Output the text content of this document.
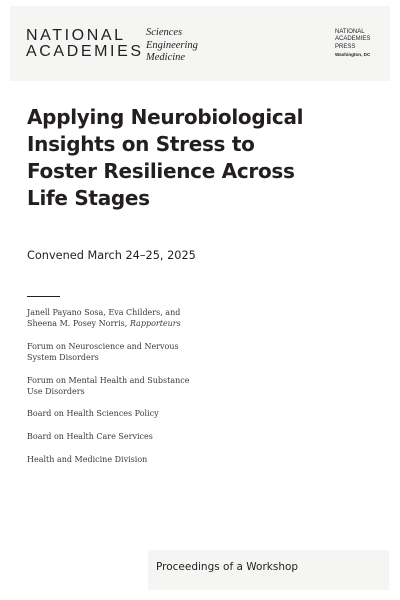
NATIONAL
ACADEMIES
Sciences
Engineering
Medicine
NATIONAL
ACADEMIES
PRESS
Washington, DC
Applying Neurobiological
Insights on Stress to
Foster Resilience Across
Life Stages
Convened March 24–25, 2025
Janell Payano Sosa, Eva Childers, and
Sheena M. Posey Norris, Rapporteurs
Forum on Neuroscience and Nervous
System Disorders
Forum on Mental Health and Substance
Use Disorders
Board on Health Sciences Policy
Board on Health Care Services
Health and Medicine Division
Proceedings of a Workshop
